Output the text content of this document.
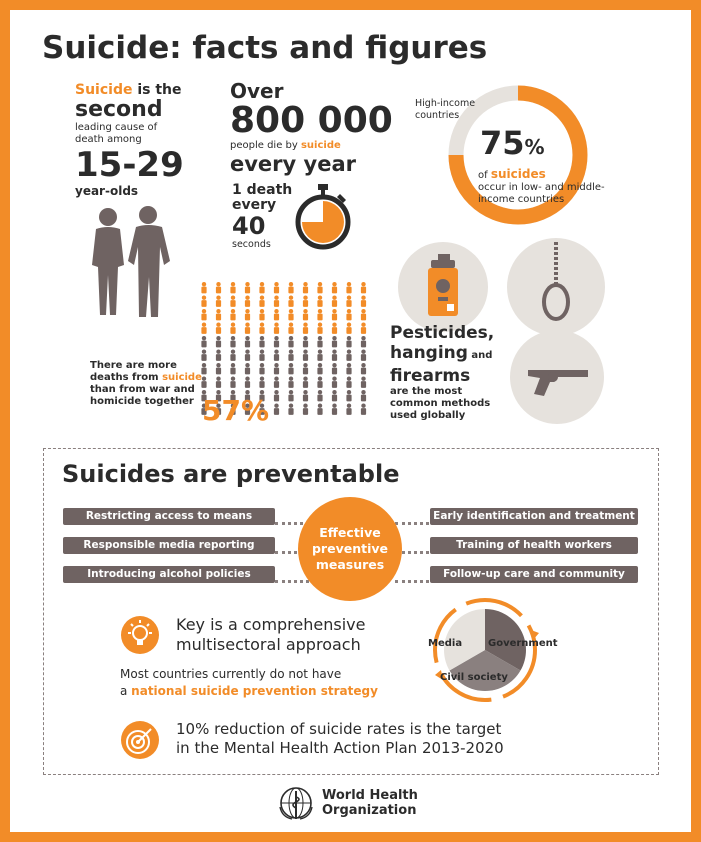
Suicide: facts and figures
Suicide is the
second
leading cause of death among
15-29
year-olds
Over
800 000
people die by suicide
every year
1 death
every
40
seconds
High-income countries
75%
of suicides
occur in low- and middle-income countries
Pesticides,
hanging and
firearms
are the most common methods used globally
There are more deaths from suicide than from war and homicide together 57%
Suicides are preventable
Restricting access to means
Responsible media reporting
Introducing alcohol policies
Early identification and treatment
Training of health workers
Follow-up care and community support
Effective
preventive
measures
Key is a comprehensive
multisectoral approach
Most countries currently do not have
a national suicide prevention strategy
Media	Government
Civil society
10% reduction of suicide rates is the target
in the Mental Health Action Plan 2013-2020
World Health
Organization
